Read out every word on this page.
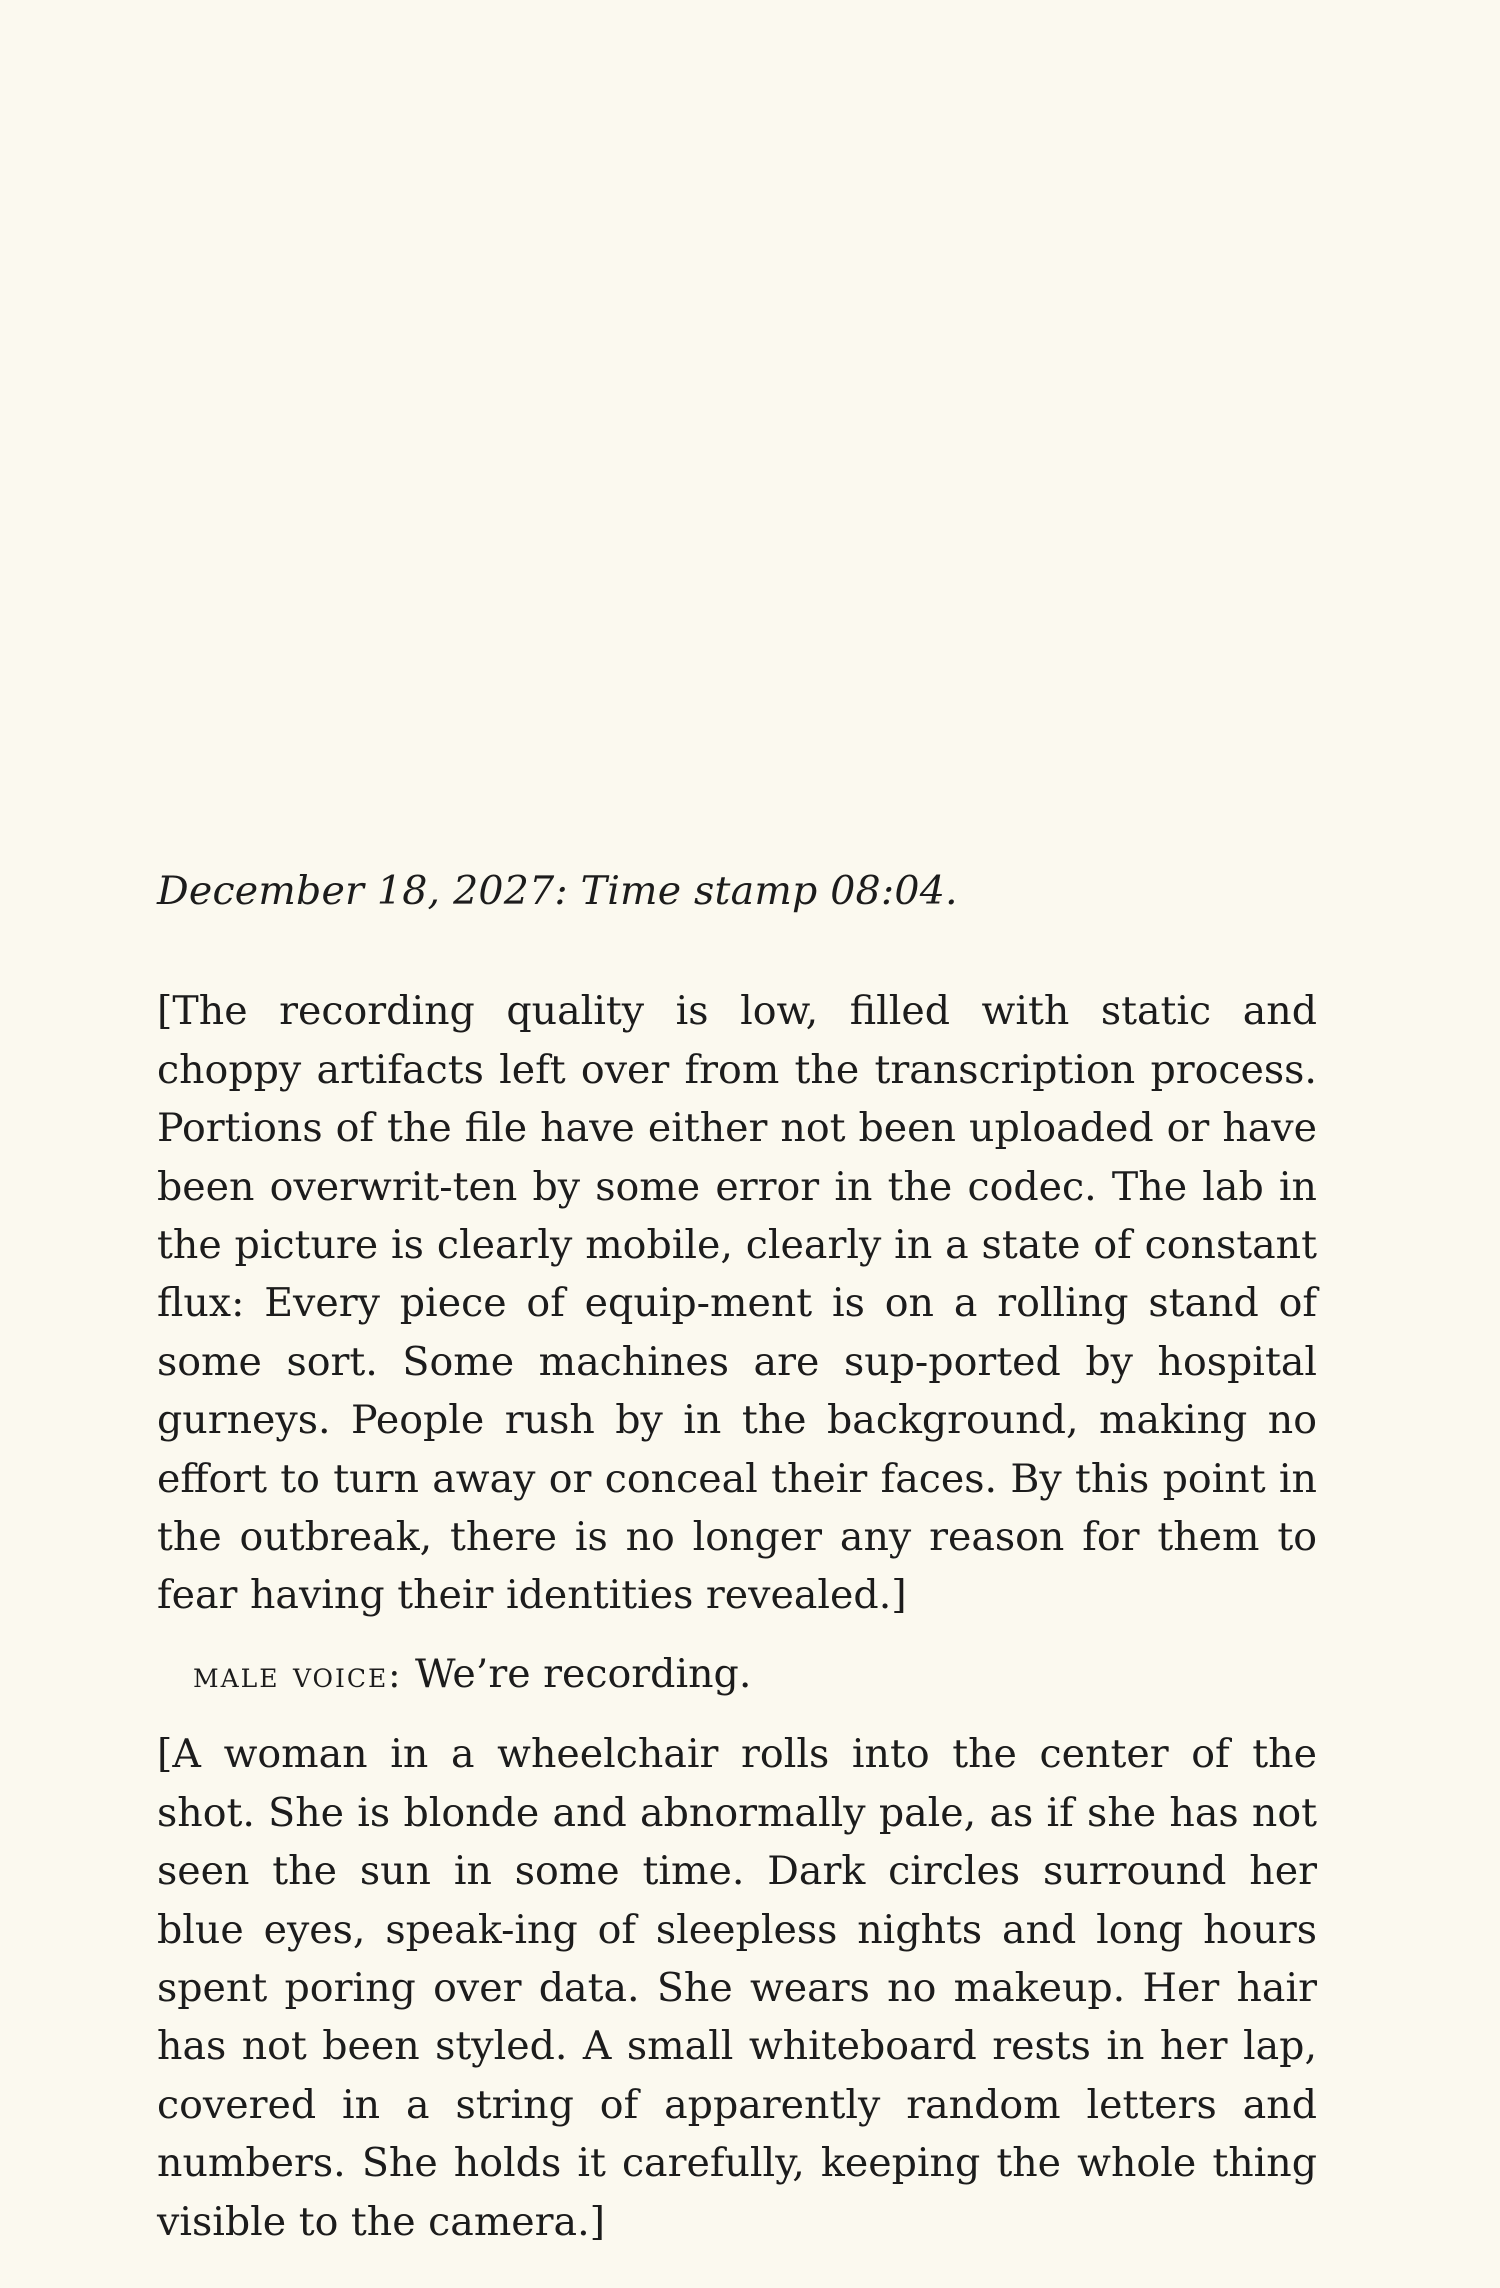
December 18, 2027: Time stamp 08:04.

[The recording quality is low, filled with static and choppy artifacts left over from the transcription process. Portions of the file have either not been uploaded or have been overwrit-ten by some error in the codec. The lab in the picture is clearly mobile, clearly in a state of constant flux: Every piece of equip-ment is on a rolling stand of some sort. Some machines are sup-ported by hospital gurneys. People rush by in the background, making no effort to turn away or conceal their faces. By this point in the outbreak, there is no longer any reason for them to fear having their identities revealed.]

male voice: We’re recording.

[A woman in a wheelchair rolls into the center of the shot. She is blonde and abnormally pale, as if she has not seen the sun in some time. Dark circles surround her blue eyes, speak-ing of sleepless nights and long hours spent poring over data. She wears no makeup. Her hair has not been styled. A small whiteboard rests in her lap, covered in a string of apparently random letters and numbers. She holds it carefully, keeping the whole thing visible to the camera.]
